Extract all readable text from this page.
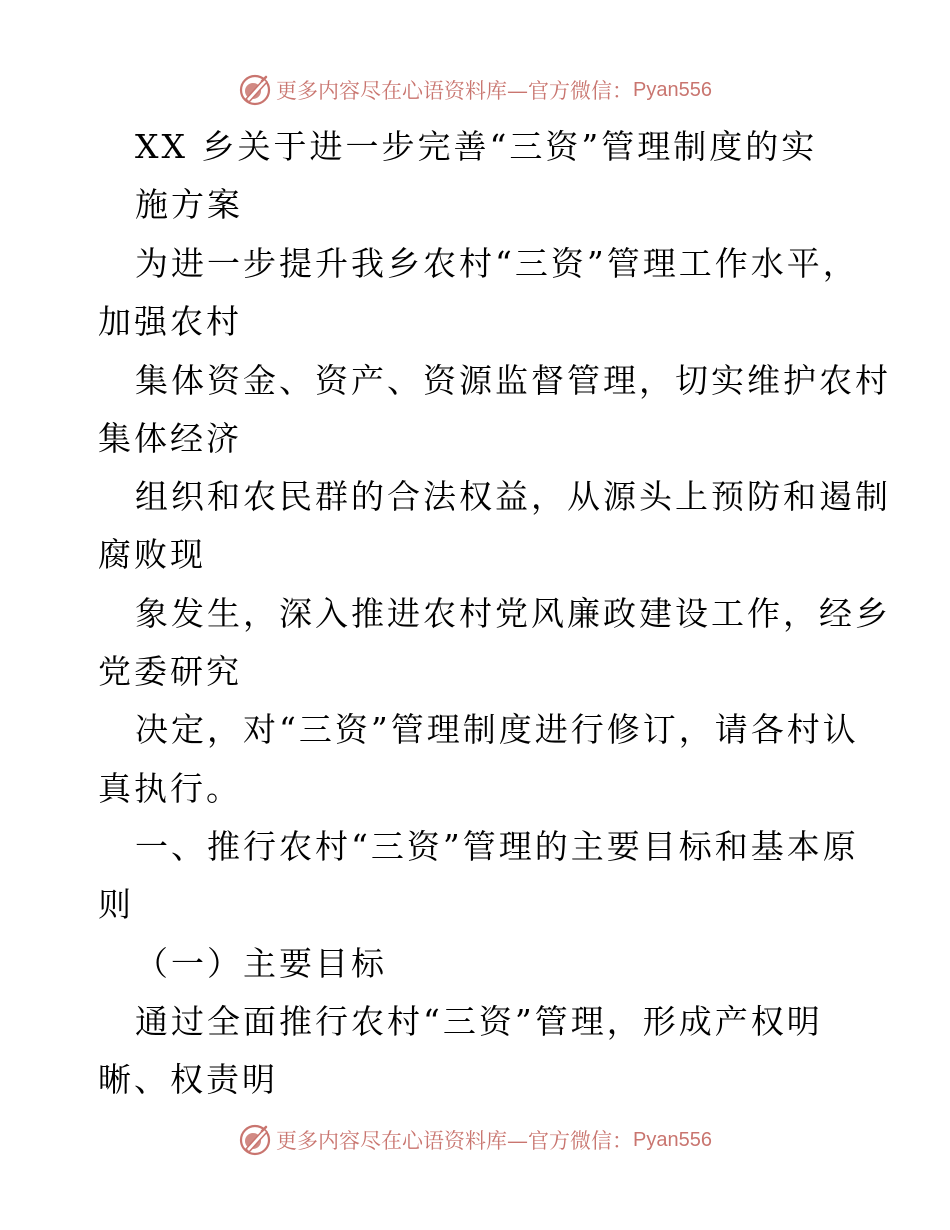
更多内容尽在心语资料库—官方微信： Pyan556
XX 乡关于进一步完善“三资”管理制度的实
施方案
为进一步提升我乡农村“三资”管理工作水平，
加强农村
集体资金、资产、资源监督管理，切实维护农村
集体经济
组织和农民群的合法权益，从源头上预防和遏制
腐败现
象发生，深入推进农村党风廉政建设工作，经乡
党委研究
决定，对“三资”管理制度进行修订，请各村认
真执行。
一、推行农村“三资”管理的主要目标和基本原
则
（一）主要目标
通过全面推行农村“三资”管理，形成产权明
晰、权责明
更多内容尽在心语资料库—官方微信： Pyan556
